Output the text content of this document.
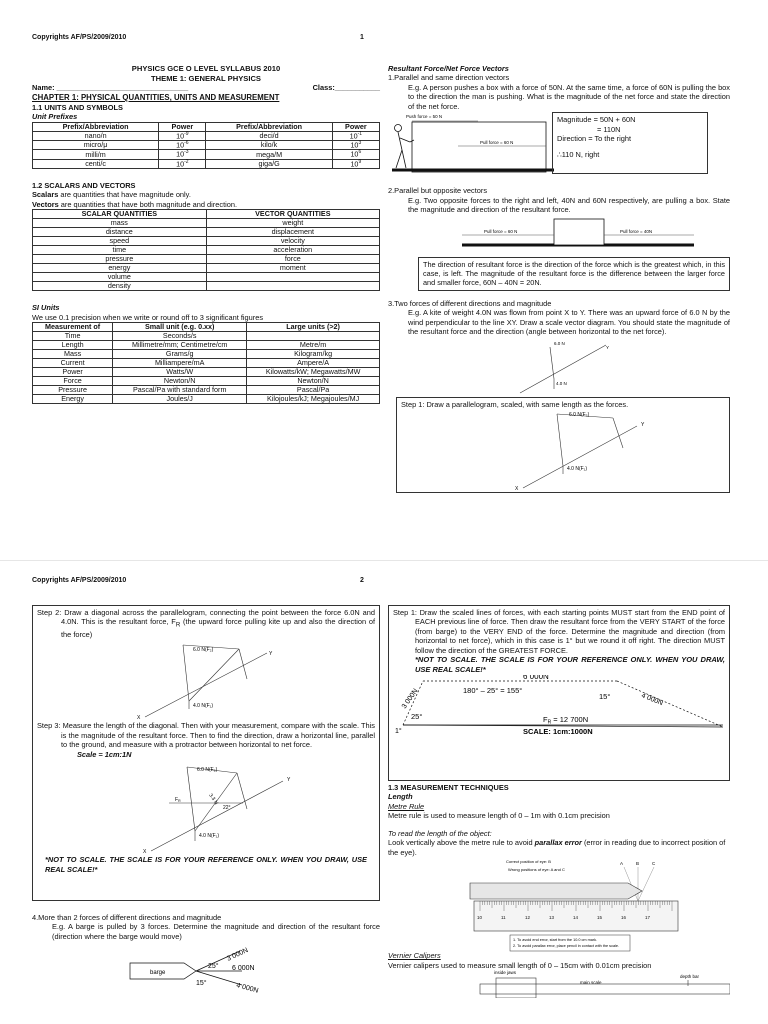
Copyrights AF/PS/2009/2010	1
PHYSICS GCE O LEVEL SYLLABUS 2010
THEME 1: GENERAL PHYSICS
Name: ________________________________	Class:___________
CHAPTER 1: PHYSICAL QUANTITIES, UNITS AND MEASUREMENT
1.1 UNITS AND SYMBOLS
Unit Prefixes
Prefix/Abbreviation	Power	Prefix/Abbreviation	Power
nano/n	$10^{-9}$	deci/d	$10^{-1}$
micro/μ	$10^{-6}$	kilo/k	$10^3$
milli/m	$10^{-3}$	mega/M	$10^6$
centi/c	$10^{-2}$	giga/G	$10^9$
1.2 SCALARS AND VECTORS
Scalars are quantities that have magnitude only.
Vectors are quantities that have both magnitude and direction.
SCALAR QUANTITIES	VECTOR QUANTITIES
mass	weight
distance	displacement
speed	velocity
time	acceleration
pressure	force
energy	moment
volume	
density	
SI Units
We use 0.1 precision when we write or round off to 3 significant figures
Measurement of	Small unit (e.g. 0.xx)	Large units (>2)
Time	Seconds/s	
Length	Millimetre/mm; Centimetre/cm	Metre/m
Mass	Grams/g	Kilogram/kg
Current	Milliampere/mA	Ampere/A
Power	Watts/W	Kilowatts/kW; Megawatts/MW
Force	Newton/N	Newton/N
Pressure	Pascal/Pa with standard form	Pascal/Pa
Energy	Joules/J	Kilojoules/kJ; Megajoules/MJ
Resultant Force/Net Force Vectors
1.Parallel and same direction vectors
E.g. A person pushes a box with a force of 50N. At the same time, a force of 60N is pulling the box to the direction the man is pushing. What is the magnitude of the net force and state the direction of the net force.
Push force = 50 N
Pull force = 60 N
Magnitude = 50N + 60N
= 110N
Direction = To the right
∴110 N, right
2.Parallel but opposite vectors
E.g. Two opposite forces to the right and left, 40N and 60N respectively, are pulling a box. State the magnitude and direction of the resultant force.
Pull force = 60 N	Pull force = 40N
The direction of resultant force is the direction of the force which is the greatest which, in this case, is left. The magnitude of the resultant force is the difference between the larger force and smaller force, 60N – 40N = 20N.
3.Two forces of different directions and magnitude
E.g. A kite of weight 4.0N was flown from point X to Y. There was an upward force of 6.0 N by the wind perpendicular to the line XY. Draw a scale vector diagram. You should state the magnitude of the resultant force and the direction (angle between horizontal to the net force).
6.0 N
4.0 N
Y
Step 1: Draw a parallelogram, scaled, with same length as the forces.
6.0 N(F₂)
4.0 N(F₁)
Y
X
Copyrights AF/PS/2009/2010	2
Step 2: Draw a diagonal across the parallelogram, connecting the point between the force 6.0N and 4.0N. This is the resultant force, $F_R$ (the upward force pulling kite up and also the direction of the force)
6.0 N(F₂)
4.0 N(F₁)
Y
X
Step 3: Measure the length of the diagonal. Then with your measurement, compare with the scale. This is the magnitude of the resultant force. Then to find the direction, draw a horizontal line, parallel to the ground, and measure with a protractor between horizontal to net force.
Scale = 1cm:1N
6.0 N(F₂)
4.0 N(F₁)
3.3 N
$F_R$
22°
Y
X
*NOT TO SCALE. THE SCALE IS FOR YOUR REFERENCE ONLY. WHEN YOU DRAW, USE REAL SCALE!*
4.More than 2 forces of different directions and magnitude
E.g. A barge is pulled by 3 forces. Determine the magnitude and direction of the resultant force (direction where the barge would move)
barge
3 000N
6 000N
4 000N
25°
15°
Step 1: Draw the scaled lines of forces, with each starting points MUST start from the END point of EACH previous line of force. Then draw the resultant force from the VERY START of the force (from barge) to the VERY END of the force. Determine the magnitude and direction (from horizontal to net force), which in this case is 1° but we round it off right. The direction MUST follow the direction of the GREATEST FORCE.
*NOT TO SCALE. THE SCALE IS FOR YOUR REFERENCE ONLY. WHEN YOU DRAW, USE REAL SCALE!*
6 000N
3 000N	4 000N
180° – 25° = 155°
15°
25°
1°
$F_R = 12$ 700N
SCALE: 1cm:1000N
1.3 MEASUREMENT TECHNIQUES
Length
Metre Rule
Metre rule is used to measure length of 0 – 1m with 0.1cm precision
To read the length of the object:
Look vertically above the metre rule to avoid parallax error (error in reading due to incorrect position of the eye).
Correct position of eye: B
Wrong positions of eye: A and C
A	B	C
10	11	12	13	14	15	16	17
1. To avoid end error, start from the 10.0 cm mark.
2. To avoid parallax error, place pencil in contact with the scale.
Vernier Calipers
Vernier calipers used to measure small length of 0 – 15cm with 0.01cm precision
inside jaws
main scale
depth bar
